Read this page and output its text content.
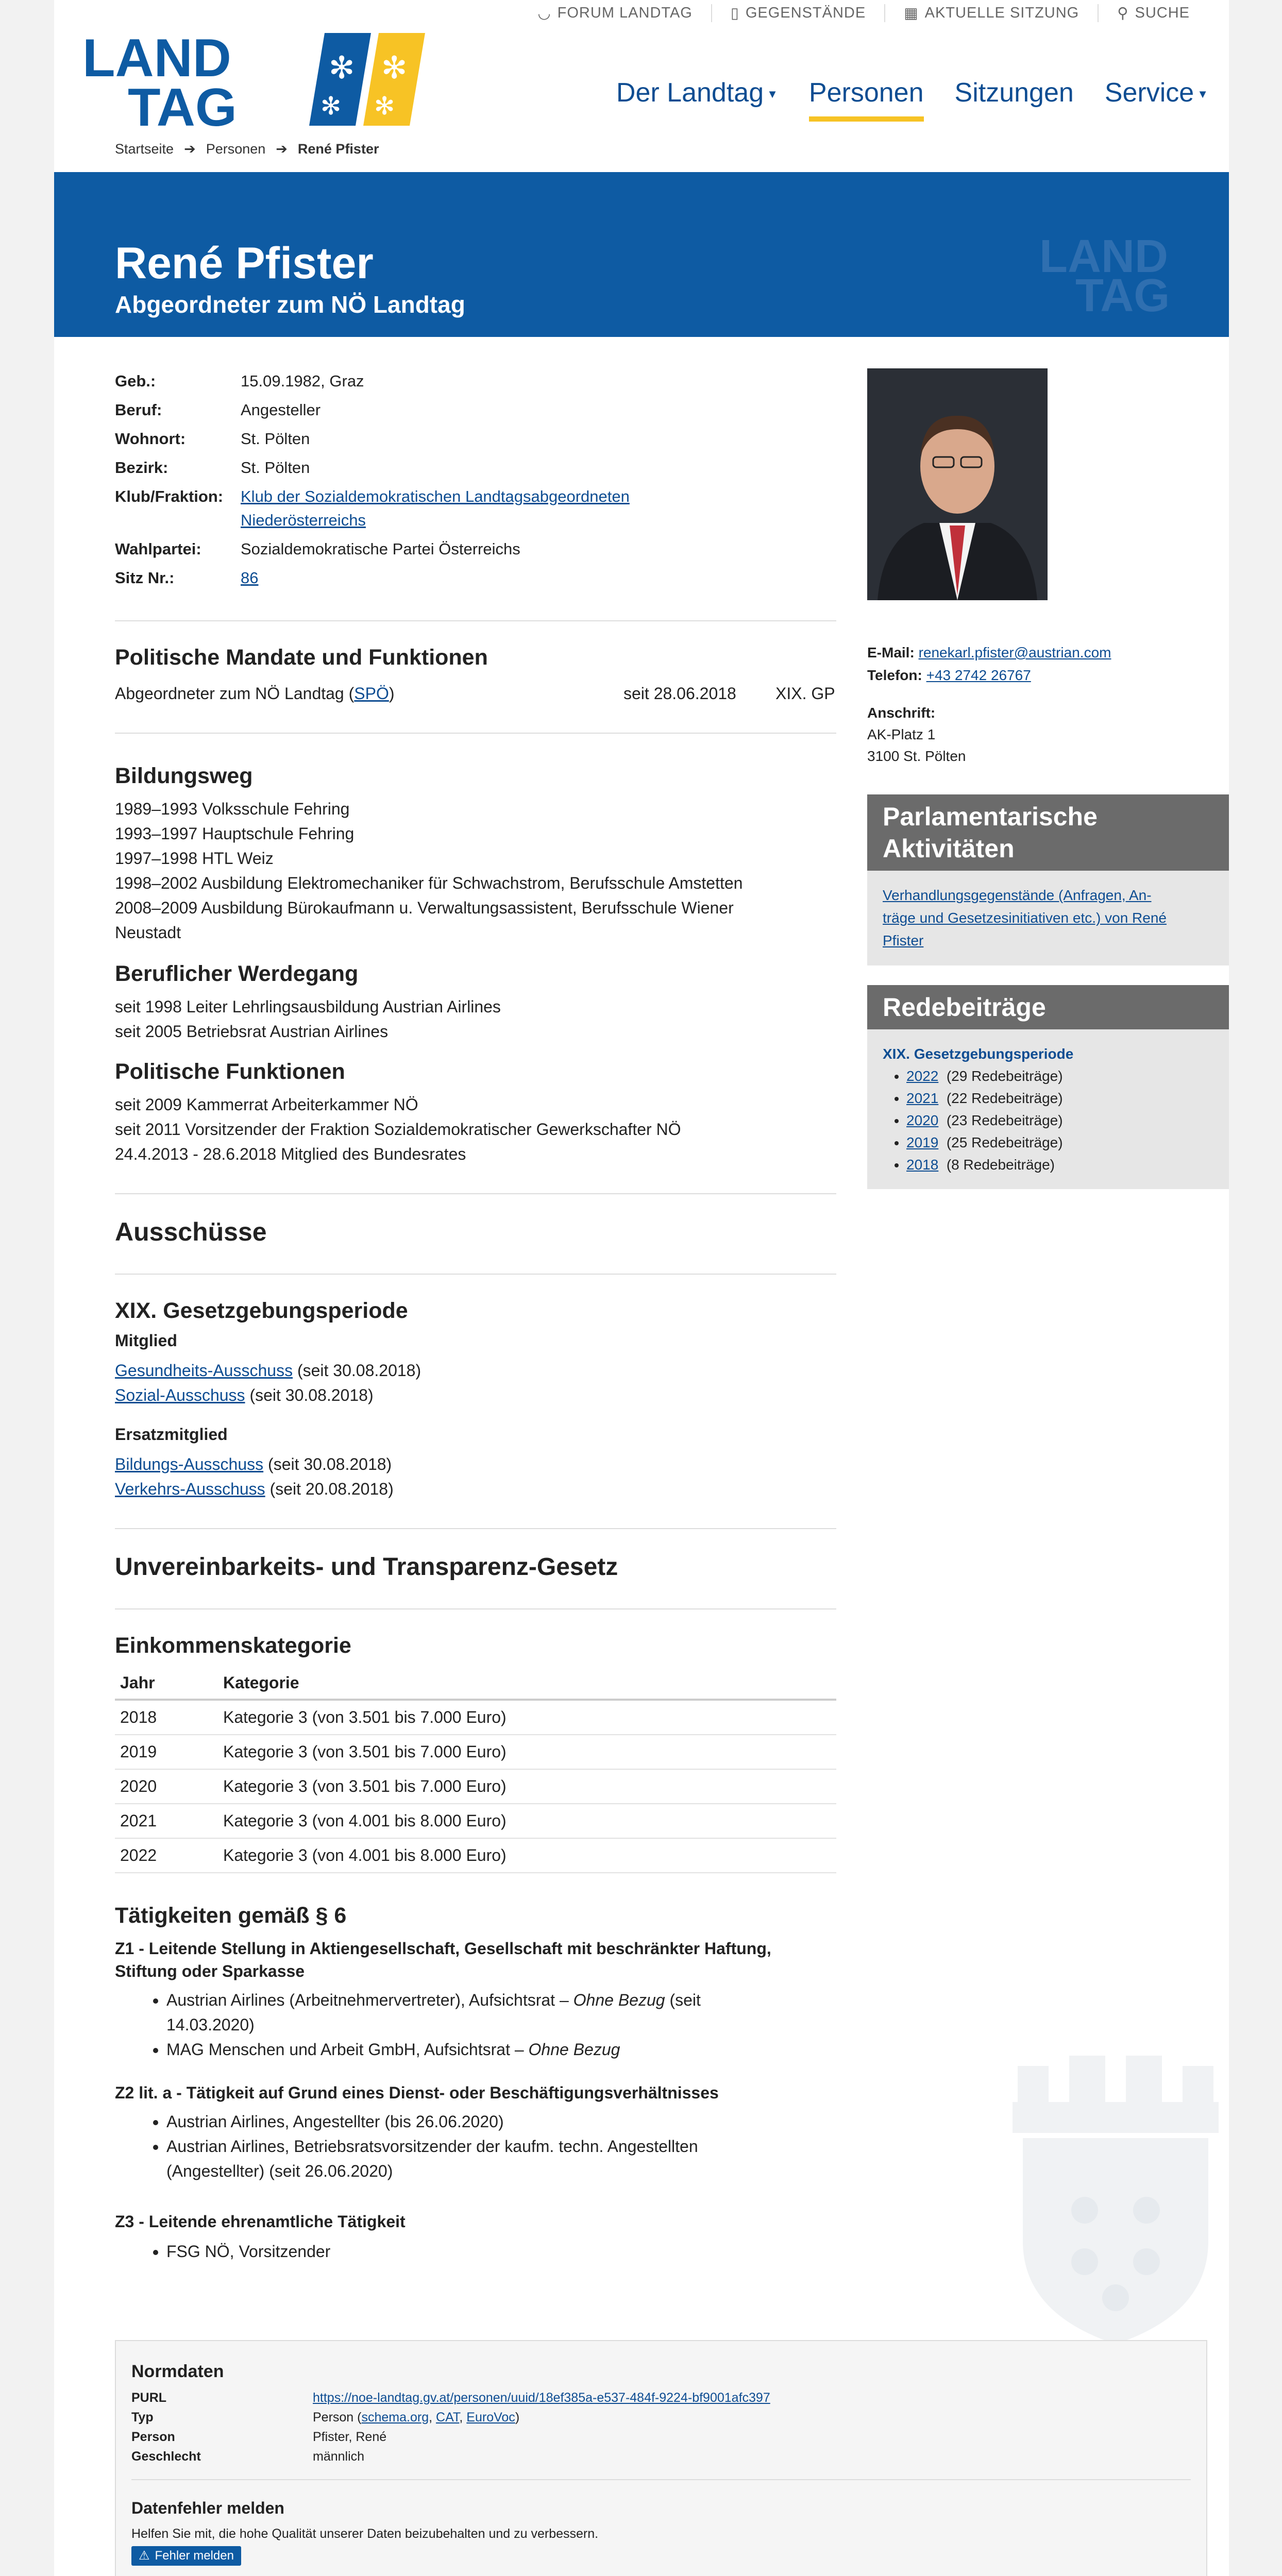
◡ FORUM LANDTAG	▯ GEGENSTÄNDE	▦ AKTUELLE SITZUNG	⚲ SUCHE
LAND
TAG
✻
✻
✻
✻	Der Landtag ▼ Personen Sitzungen Service ▼
Startseite ➔ Personen ➔ René Pfister
René Pfister
Abgeordneter zum NÖ Landtag
LAND
TAG
Geb.:	15.09.1982, Graz
Beruf:	Angesteller
Wohnort:	St. Pölten
Bezirk:	St. Pölten
Klub/Fraktion:	Klub der Sozialdemokratischen Landtagsabgeordneten
Niederösterreichs
Wahlpartei:	Sozialdemokratische Partei Österreichs
Sitz Nr.:	86
Politische Mandate und Funktionen
Abgeordneter zum NÖ Landtag (SPÖ)	seit 28.06.2018 XIX. GP
Bildungsweg
1989–1993 Volksschule Fehring
1993–1997 Hauptschule Fehring
1997–1998 HTL Weiz
1998–2002 Ausbildung Elektromechaniker für Schwachstrom, Berufsschule Amstetten
2008–2009 Ausbildung Bürokaufmann u. Verwaltungsassistent, Berufsschule Wiener
Neustadt
Beruflicher Werdegang
seit 1998 Leiter Lehrlingsausbildung Austrian Airlines
seit 2005 Betriebsrat Austrian Airlines
Politische Funktionen
seit 2009 Kammerrat Arbeiterkammer NÖ
seit 2011 Vorsitzender der Fraktion Sozialdemokratischer Gewerkschafter NÖ
24.4.2013 - 28.6.2018 Mitglied des Bundesrates
Ausschüsse
XIX. Gesetzgebungsperiode
Mitglied
Gesundheits-Ausschuss (seit 30.08.2018)
Sozial-Ausschuss (seit 30.08.2018)
Ersatzmitglied
Bildungs-Ausschuss (seit 30.08.2018)
Verkehrs-Ausschuss (seit 20.08.2018)
Unvereinbarkeits- und Transparenz-Gesetz
Einkommenskategorie
Jahr	Kategorie
2018	Kategorie 3 (von 3.501 bis 7.000 Euro)
2019	Kategorie 3 (von 3.501 bis 7.000 Euro)
2020	Kategorie 3 (von 3.501 bis 7.000 Euro)
2021	Kategorie 3 (von 4.001 bis 8.000 Euro)
2022	Kategorie 3 (von 4.001 bis 8.000 Euro)
Tätigkeiten gemäß § 6
Z1 - Leitende Stellung in Aktiengesellschaft, Gesellschaft mit beschränkter Haftung,
Stiftung oder Sparkasse
• Austrian Airlines (Arbeitnehmervertreter), Aufsichtsrat – Ohne Bezug (seit
14.03.2020)
• MAG Menschen und Arbeit GmbH, Aufsichtsrat – Ohne Bezug
Z2 lit. a - Tätigkeit auf Grund eines Dienst- oder Beschäftigungsverhältnisses
• Austrian Airlines, Angestellter (bis 26.06.2020)
• Austrian Airlines, Betriebsratsvorsitzender der kaufm. techn. Angestellten
(Angestellter) (seit 26.06.2020)
Z3 - Leitende ehrenamtliche Tätigkeit
• FSG NÖ, Vorsitzender
E-Mail: renekarl.pfister@austrian.com
Telefon: +43 2742 26767
Anschrift:
AK-Platz 1
3100 St. Pölten
Parlamentarische
Aktivitäten
Verhandlungsgegenstände (Anfragen, An-
träge und Gesetzesinitiativen etc.) von René
Pfister
Redebeiträge
XIX. Gesetzgebungsperiode
• 2022 (29 Redebeiträge)
• 2021 (22 Redebeiträge)
• 2020 (23 Redebeiträge)
• 2019 (25 Redebeiträge)
• 2018 (8 Redebeiträge)
Normdaten
PURL	https://noe-landtag.gv.at/personen/uuid/18ef385a-e537-484f-9224-bf9001afc397
Typ	Person (schema.org, CAT, EuroVoc)
Person	Pfister, René
Geschlecht	männlich
Datenfehler melden
Helfen Sie mit, die hohe Qualität unserer Daten beizubehalten und zu verbessern.
⚠ Fehler melden
